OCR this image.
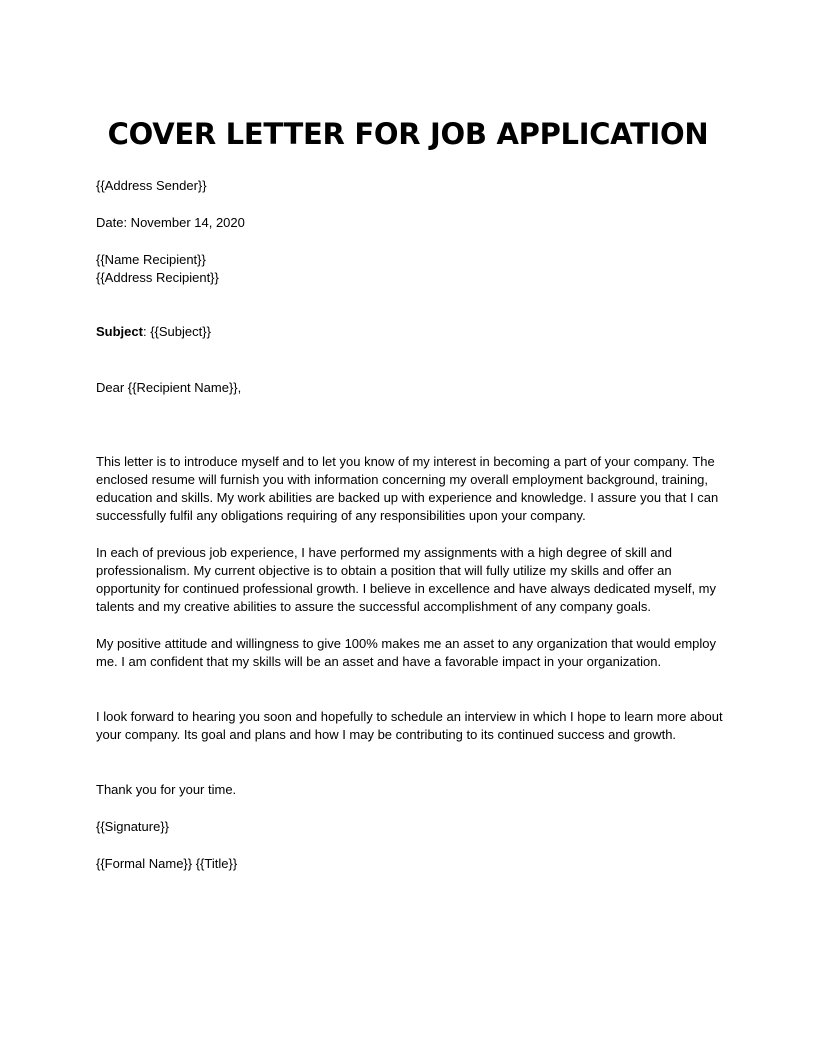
COVER LETTER FOR JOB APPLICATION

{{Address Sender}}

Date: November 14, 2020

{{Name Recipient}}

{{Address Recipient}}

Subject: {{Subject}}

Dear {{Recipient Name}},

This letter is to introduce myself and to let you know of my interest in becoming a part of your company. The enclosed resume will furnish you with information concerning my overall employment background, training, education and skills. My work abilities are backed up with experience and knowledge. I assure you that I can successfully fulfil any obligations requiring of any responsibilities upon your company.

In each of previous job experience, I have performed my assignments with a high degree of skill and professionalism. My current objective is to obtain a position that will fully utilize my skills and offer an opportunity for continued professional growth. I believe in excellence and have always dedicated myself, my talents and my creative abilities to assure the successful accomplishment of any company goals.

My positive attitude and willingness to give 100% makes me an asset to any organization that would employ me. I am confident that my skills will be an asset and have a favorable impact in your organization.

I look forward to hearing you soon and hopefully to schedule an interview in which I hope to learn more about your company. Its goal and plans and how I may be contributing to its continued success and growth.

Thank you for your time.

{{Signature}}

{{Formal Name}} {{Title}}
